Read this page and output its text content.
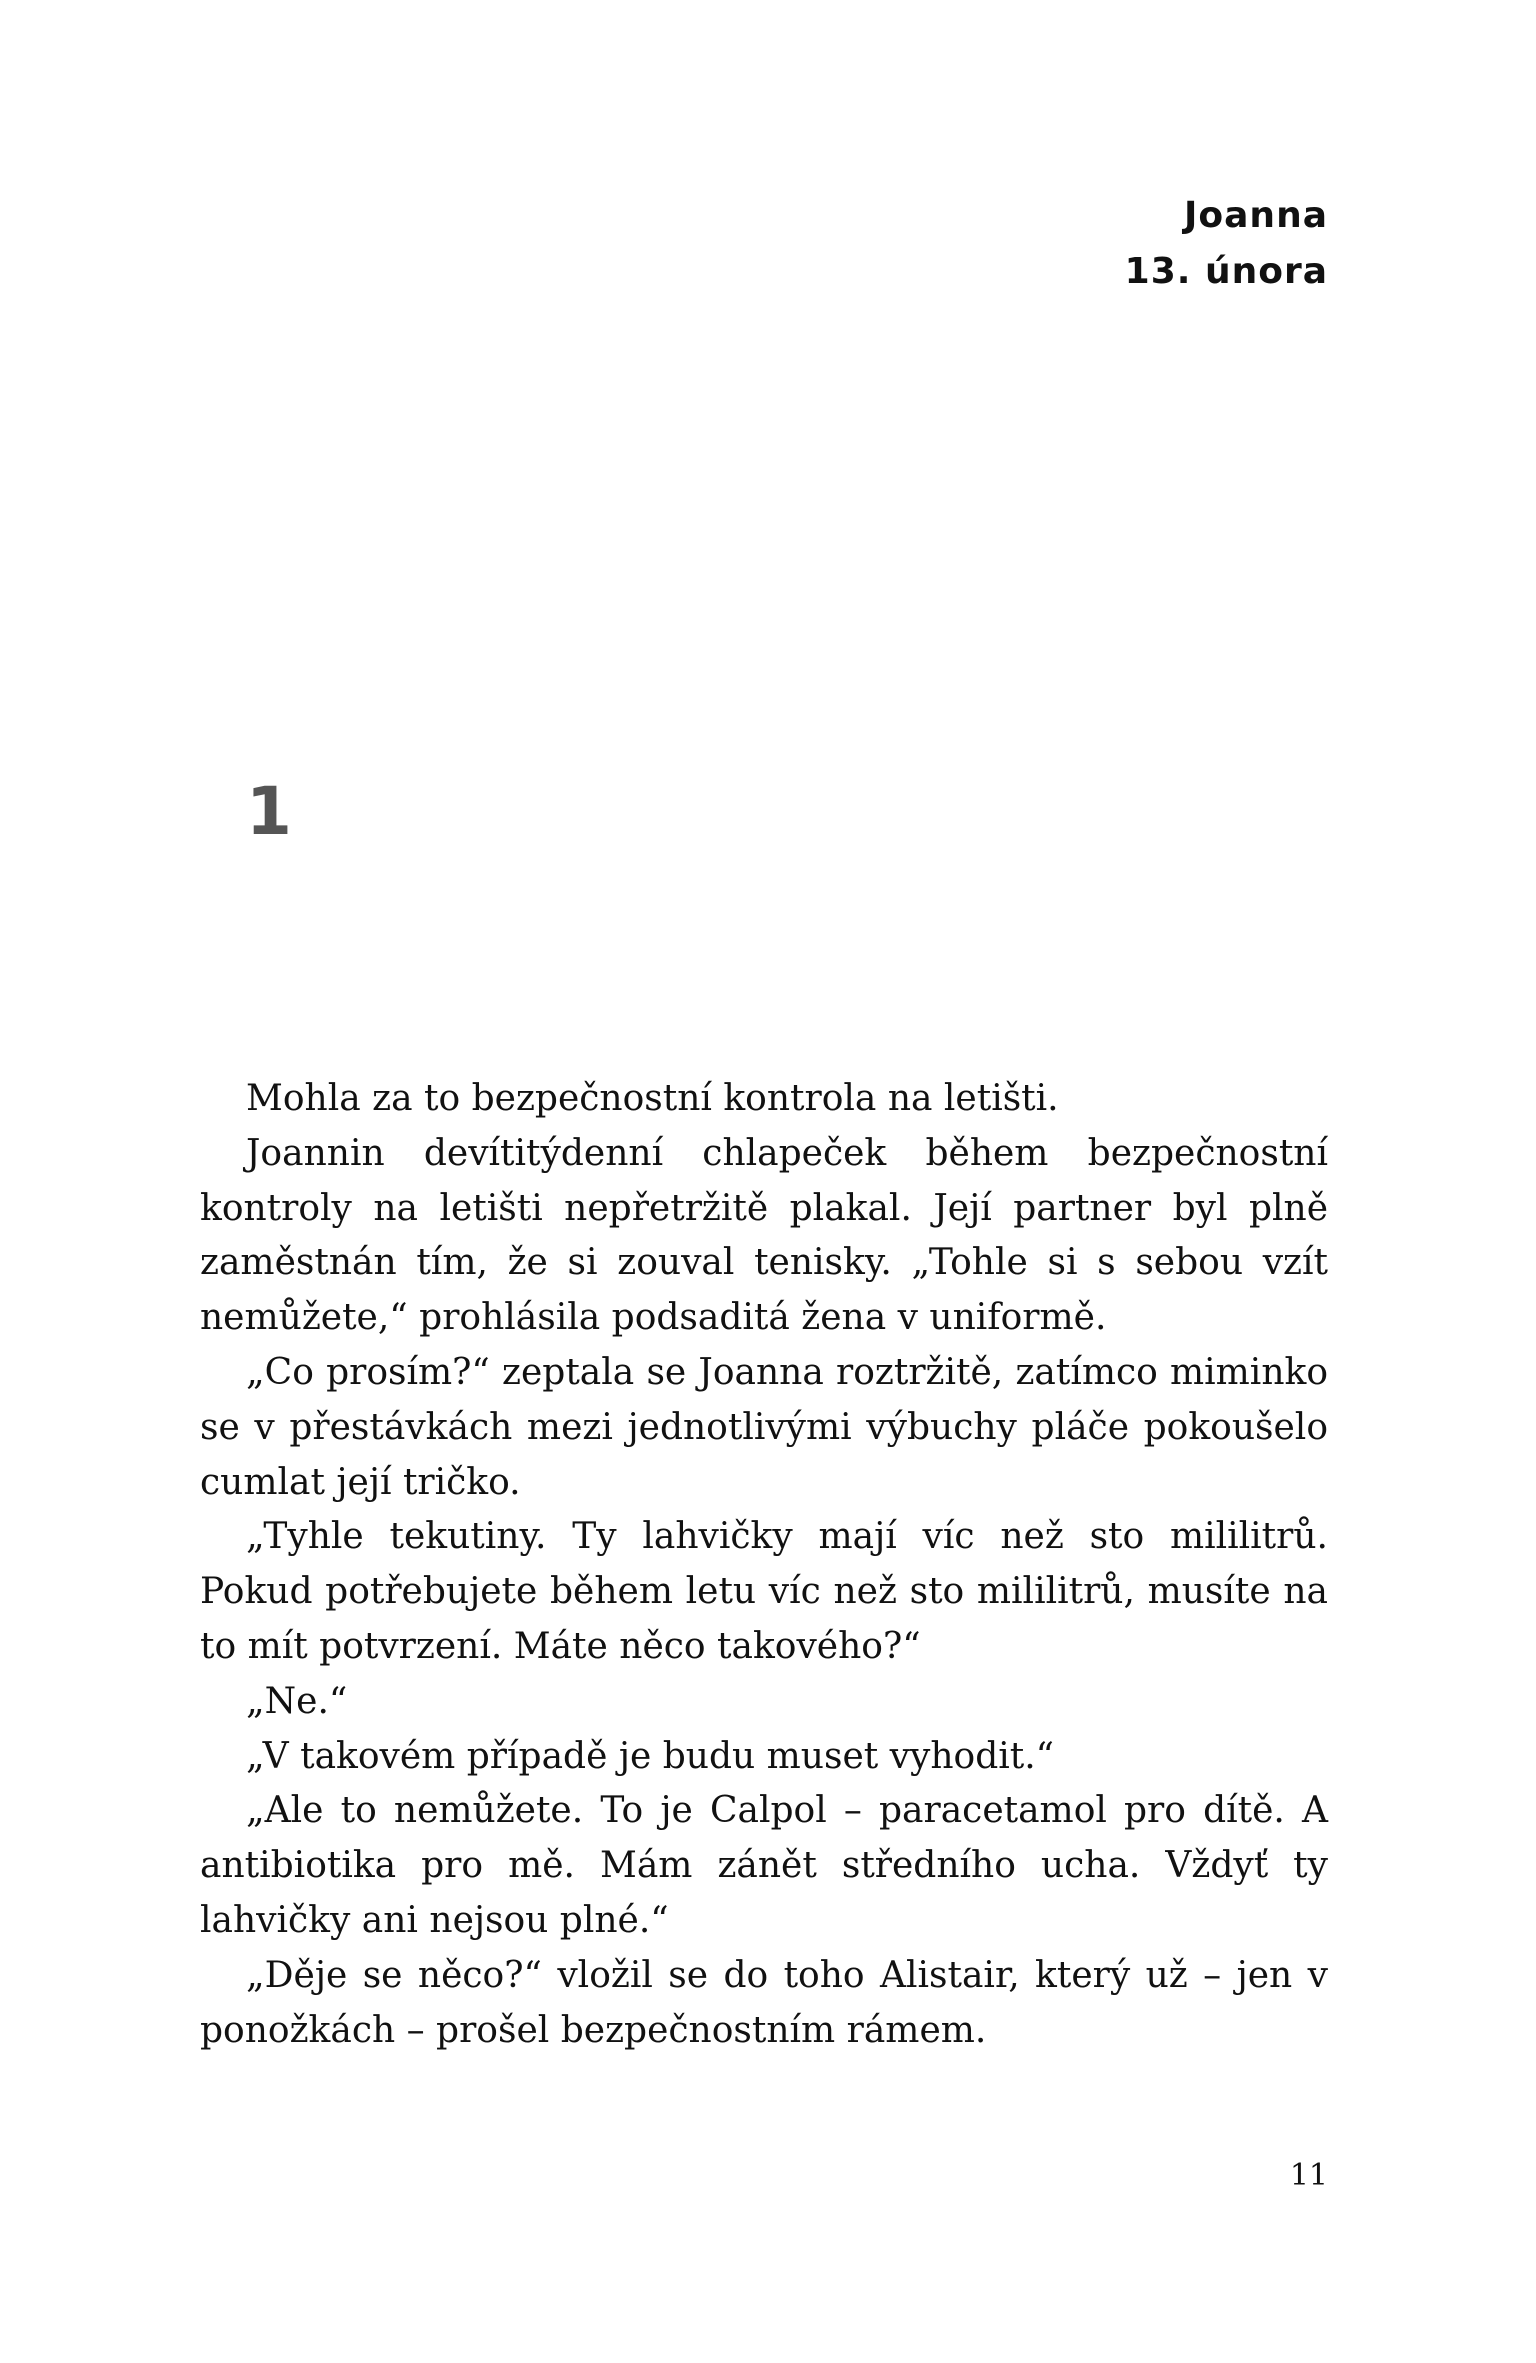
Joanna
13. února
1

Mohla za to bezpečnostní kontrola na letišti.

Joannin devítitýdenní chlapeček během bezpečnostní kontroly na letišti nepřetržitě plakal. Její partner byl plně zaměstnán tím, že si zouval tenisky. „Tohle si s sebou vzít nemůžete,“ prohlásila podsaditá žena v uniformě.

„Co prosím?“ zeptala se Joanna roztržitě, zatímco miminko se v přestávkách mezi jednotlivými výbuchy pláče pokoušelo cumlat její tričko.

„Tyhle tekutiny. Ty lahvičky mají víc než sto mililitrů. Pokud potřebujete během letu víc než sto mililitrů, musíte na to mít potvrzení. Máte něco takového?“

„Ne.“

„V takovém případě je budu muset vyhodit.“

„Ale to nemůžete. To je Calpol – paracetamol pro dítě. A antibiotika pro mě. Mám zánět středního ucha. Vždyť ty lahvičky ani nejsou plné.“

„Děje se něco?“ vložil se do toho Alistair, který už – jen v ponožkách – prošel bezpečnostním rámem.

11
